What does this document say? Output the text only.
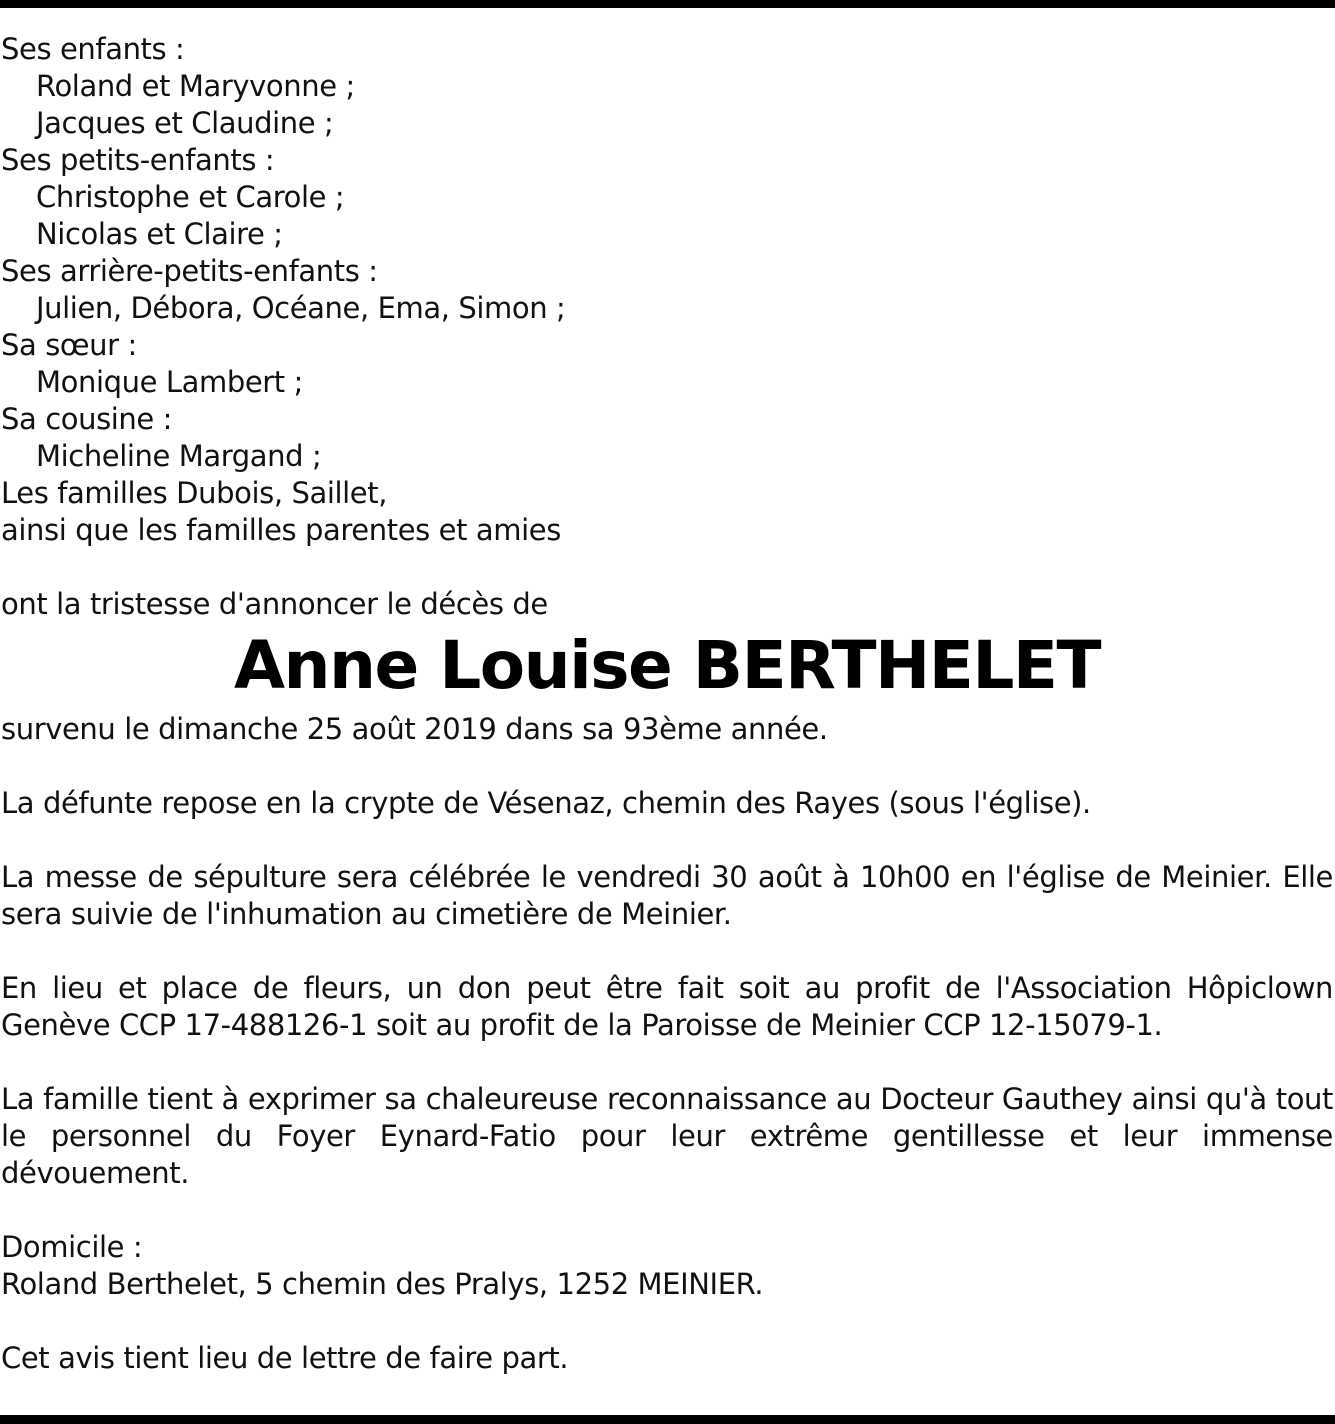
Ses enfants :
Roland et Maryvonne ;
Jacques et Claudine ;
Ses petits-enfants :
Christophe et Carole ;
Nicolas et Claire ;
Ses arrière-petits-enfants :
Julien, Débora, Océane, Ema, Simon ;
Sa sœur :
Monique Lambert ;
Sa cousine :
Micheline Margand ;
Les familles Dubois, Saillet,
ainsi que les familles parentes et amies
ont la tristesse d'annoncer le décès de
Anne Louise BERTHELET
survenu le dimanche 25 août 2019 dans sa 93ème année.
La défunte repose en la crypte de Vésenaz, chemin des Rayes (sous l'église).
La messe de sépulture sera célébrée le vendredi 30 août à 10h00 en l'église de Meinier. Elle sera suivie de l'inhumation au cimetière de Meinier.
En lieu et place de fleurs, un don peut être fait soit au profit de l'Association Hôpiclown Genève CCP 17-488126-1 soit au profit de la Paroisse de Meinier CCP 12-15079-1.
La famille tient à exprimer sa chaleureuse reconnaissance au Docteur Gauthey ainsi qu'à tout le personnel du Foyer Eynard-Fatio pour leur extrême gentillesse et leur immense dévouement.
Domicile :
Roland Berthelet, 5 chemin des Pralys, 1252 MEINIER.
Cet avis tient lieu de lettre de faire part.
